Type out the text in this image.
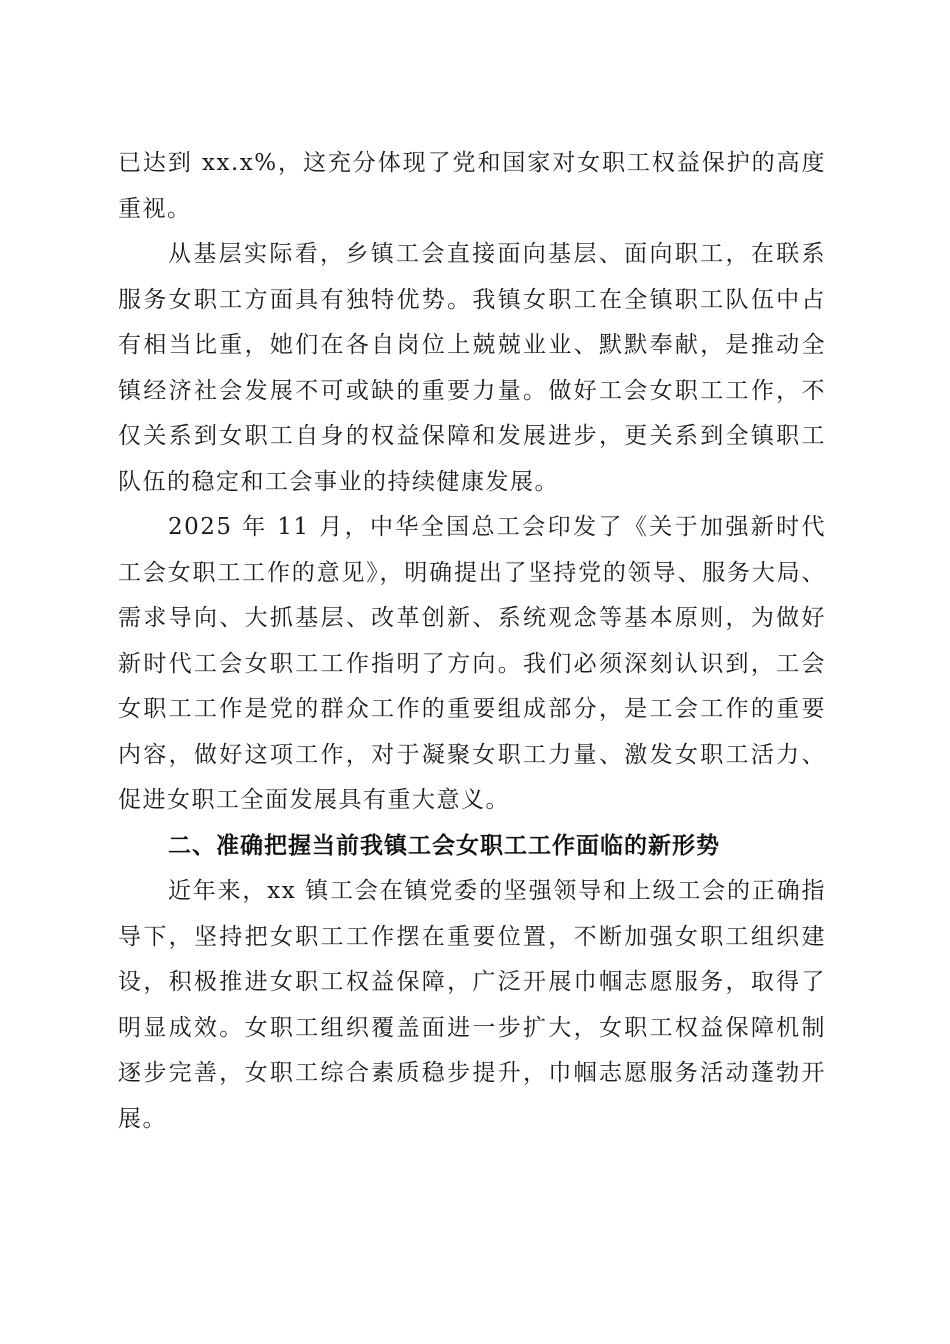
已达到 xx.x%，这充分体现了党和国家对女职工权益保护的高度重视。

从基层实际看，乡镇工会直接面向基层、面向职工，在联系服务女职工方面具有独特优势。我镇女职工在全镇职工队伍中占有相当比重，她们在各自岗位上兢兢业业、默默奉献，是推动全镇经济社会发展不可或缺的重要力量。做好工会女职工工作，不仅关系到女职工自身的权益保障和发展进步，更关系到全镇职工队伍的稳定和工会事业的持续健康发展。

2025 年 11 月，中华全国总工会印发了《关于加强新时代工会女职工工作的意见》，明确提出了坚持党的领导、服务大局、需求导向、大抓基层、改革创新、系统观念等基本原则，为做好新时代工会女职工工作指明了方向。我们必须深刻认识到，工会女职工工作是党的群众工作的重要组成部分，是工会工作的重要内容，做好这项工作，对于凝聚女职工力量、激发女职工活力、促进女职工全面发展具有重大意义。

二、准确把握当前我镇工会女职工工作面临的新形势

近年来，xx 镇工会在镇党委的坚强领导和上级工会的正确指导下，坚持把女职工工作摆在重要位置，不断加强女职工组织建设，积极推进女职工权益保障，广泛开展巾帼志愿服务，取得了明显成效。女职工组织覆盖面进一步扩大，女职工权益保障机制逐步完善，女职工综合素质稳步提升，巾帼志愿服务活动蓬勃开展。
